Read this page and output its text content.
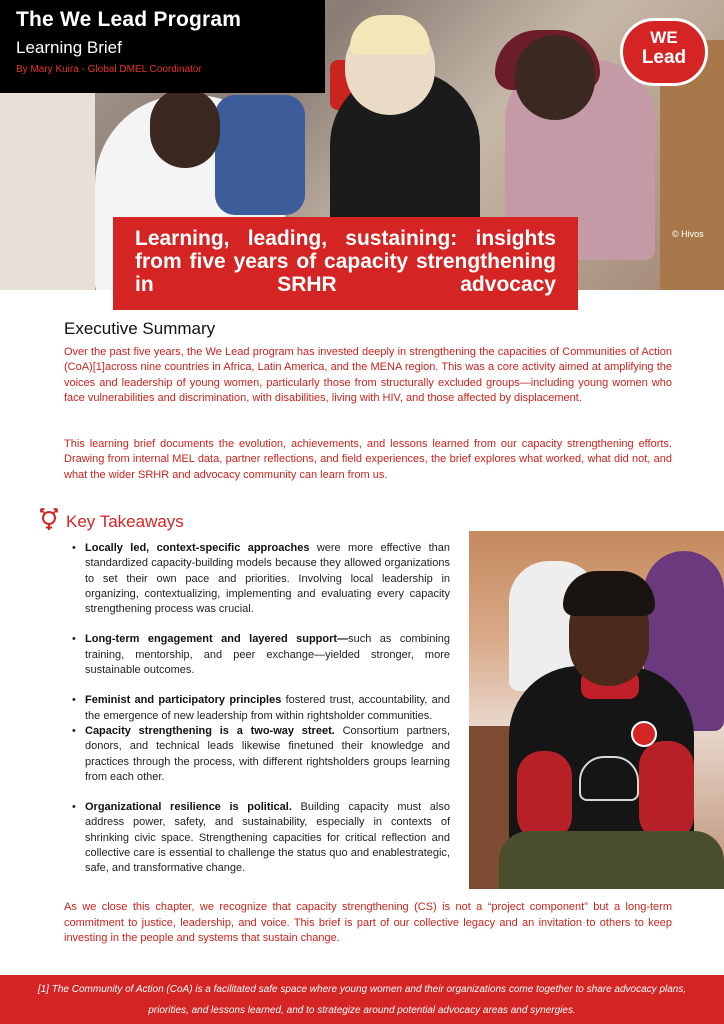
The We Lead Program
Learning Brief
By Mary Kuira - Global DMEL Coordinator
WE
Lead
© Hivos
Learning, leading, sustaining: insights from five years of capacity strengthening in SRHR advocacy
Executive Summary

Over the past five years, the We Lead program has invested deeply in strengthening the capacities of Communities of Action (CoA)[1]across nine countries in Africa, Latin America, and the MENA region. This was a core activity aimed at amplifying the voices and leadership of young women, particularly those from structurally excluded groups—including young women who face vulnerabilities and discrimination, with disabilities, living with HIV, and those affected by displacement.

This learning brief documents the evolution, achievements, and lessons learned from our capacity strengthening efforts. Drawing from internal MEL data, partner reflections, and field experiences, the brief explores what worked, what did not, and what the wider SRHR and advocacy community can learn from us.

Key Takeaways
• Locally led, context-specific approaches were more effective than standardized capacity-building models because they allowed organizations to set their own pace and priorities. Involving local leadership in organizing, contextualizing, implementing and evaluating every capacity strengthening process was crucial.
• Long-term engagement and layered support—such as combining training, mentorship, and peer exchange—yielded stronger, more sustainable outcomes.
• Feminist and participatory principles fostered trust, accountability, and the emergence of new leadership from within rightsholder communities.
• Capacity strengthening is a two-way street. Consortium partners, donors, and technical leads likewise finetuned their knowledge and practices through the process, with different rightsholders groups learning from each other.
• Organizational resilience is political. Building capacity must also address power, safety, and sustainability, especially in contexts of shrinking civic space. Strengthening capacities for critical reflection and collective care is essential to challenge the status quo and enablestrategic, safe, and transformative change.

As we close this chapter, we recognize that capacity strengthening (CS) is not a “project component” but a long-term commitment to justice, leadership, and voice. This brief is part of our collective legacy and an invitation to others to keep investing in the people and systems that sustain change.

[1] The Community of Action (CoA) is a facilitated safe space where young women and their organizations come together to share advocacy plans, priorities, and lessons learned, and to strategize around potential advocacy areas and synergies.
